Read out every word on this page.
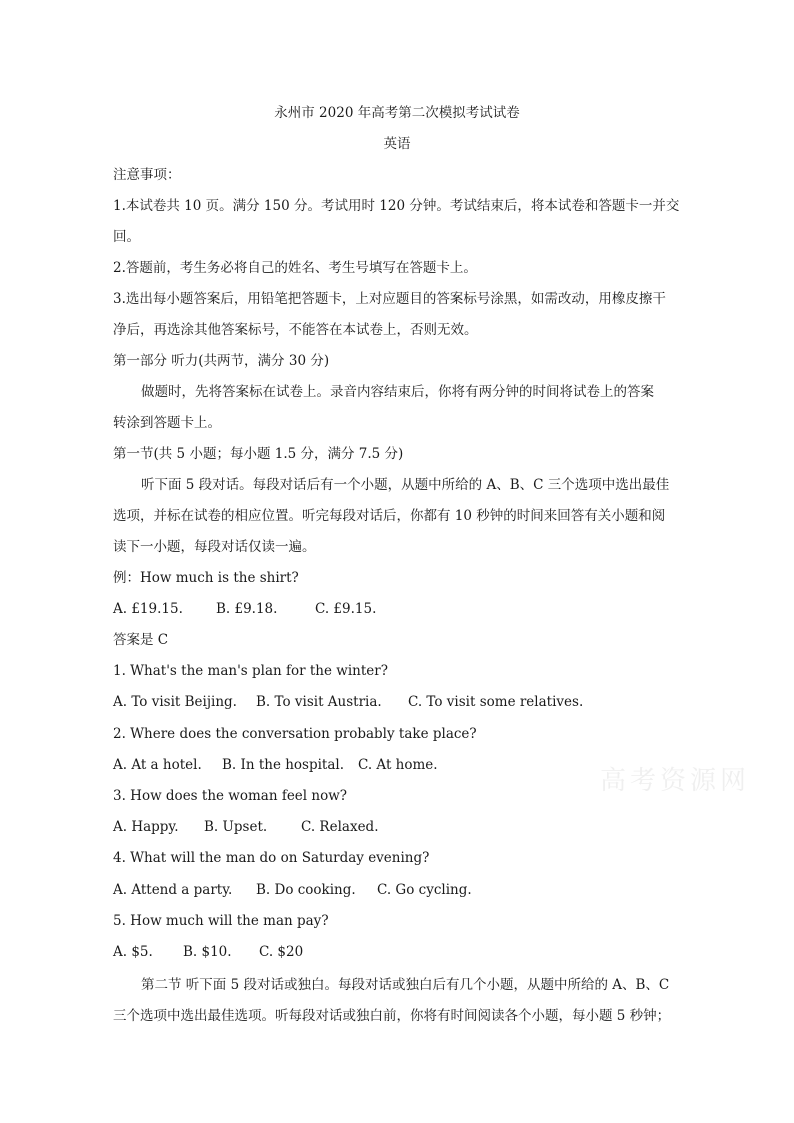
永州市 2020 年高考第二次模拟考试试卷
英语
注意事项：
1.本试卷共 10 页。满分 150 分。考试用时 120 分钟。考试结束后，将本试卷和答题卡一并交
回。
2.答题前，考生务必将自己的姓名、考生号填写在答题卡上。
3.选出每小题答案后，用铅笔把答题卡，上对应题目的答案标号涂黑，如需改动，用橡皮擦干
净后，再选涂其他答案标号，不能答在本试卷上，否则无效。
第一部分 听力(共两节，满分 30 分)
做题时，先将答案标在试卷上。录音内容结束后，你将有两分钟的时间将试卷上的答案
转涂到答题卡上。
第一节(共 5 小题；每小题 1.5 分，满分 7.5 分)
听下面 5 段对话。每段对话后有一个小题，从题中所给的 A、B、C 三个选项中选出最佳
选项，并标在试卷的相应位置。听完每段对话后，你都有 10 秒钟的时间来回答有关小题和阅
读下一小题，每段对话仅读一遍。
例：How much is the shirt?
A. £19.15. B. £9.18.	C. £9.15.
答案是 C
1. What's the man's plan for the winter?
A. To visit Beijing. B. To visit Austria. C. To visit some relatives.
2. Where does the conversation probably take place?
A. At a hotel. B. In the hospital. C. At home.
3. How does the woman feel now?
A. Happy. B. Upset.	C. Relaxed.
4. What will the man do on Saturday evening?
A. Attend a party. B. Do cooking. C. Go cycling.
5. How much will the man pay?
A. $5. B. $10. C. $20
第二节 听下面 5 段对话或独白。每段对话或独白后有几个小题，从题中所给的 A、B、C
三个选项中选出最佳选项。听每段对话或独白前，你将有时间阅读各个小题，每小题 5 秒钟；
高考资源网
